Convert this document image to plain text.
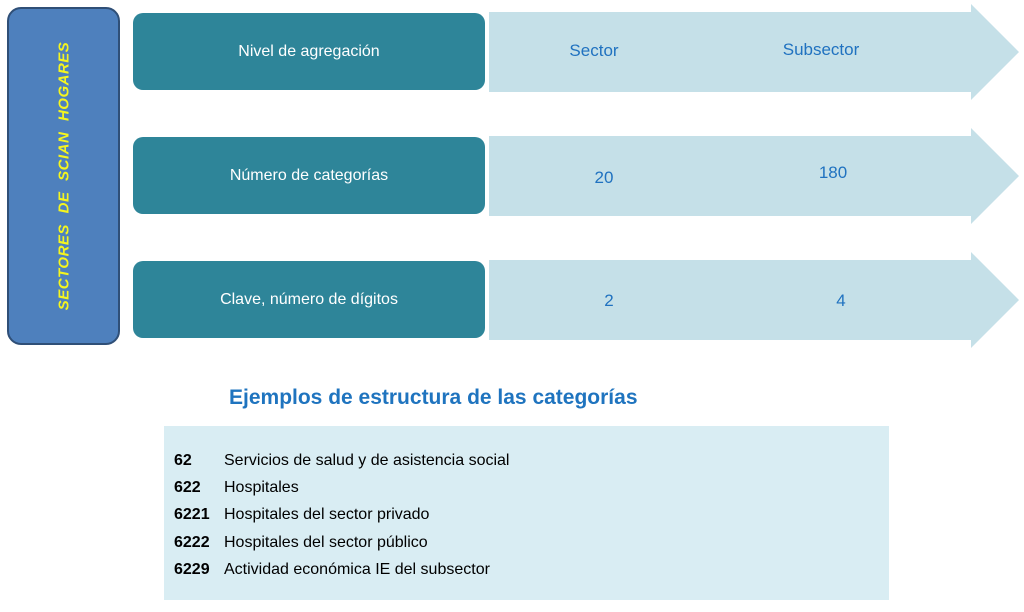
SECTORES DE SCIAN HOGARES	Nivel de agregación	Sector	Subsector
Número de categorías	20	180
Clave, número de dígitos	2	4
Ejemplos de estructura de las categorías
62	Servicios de salud y de asistencia social
622	Hospitales
6221 Hospitales del sector privado
6222 Hospitales del sector público
6229 Actividad económica IE del subsector
